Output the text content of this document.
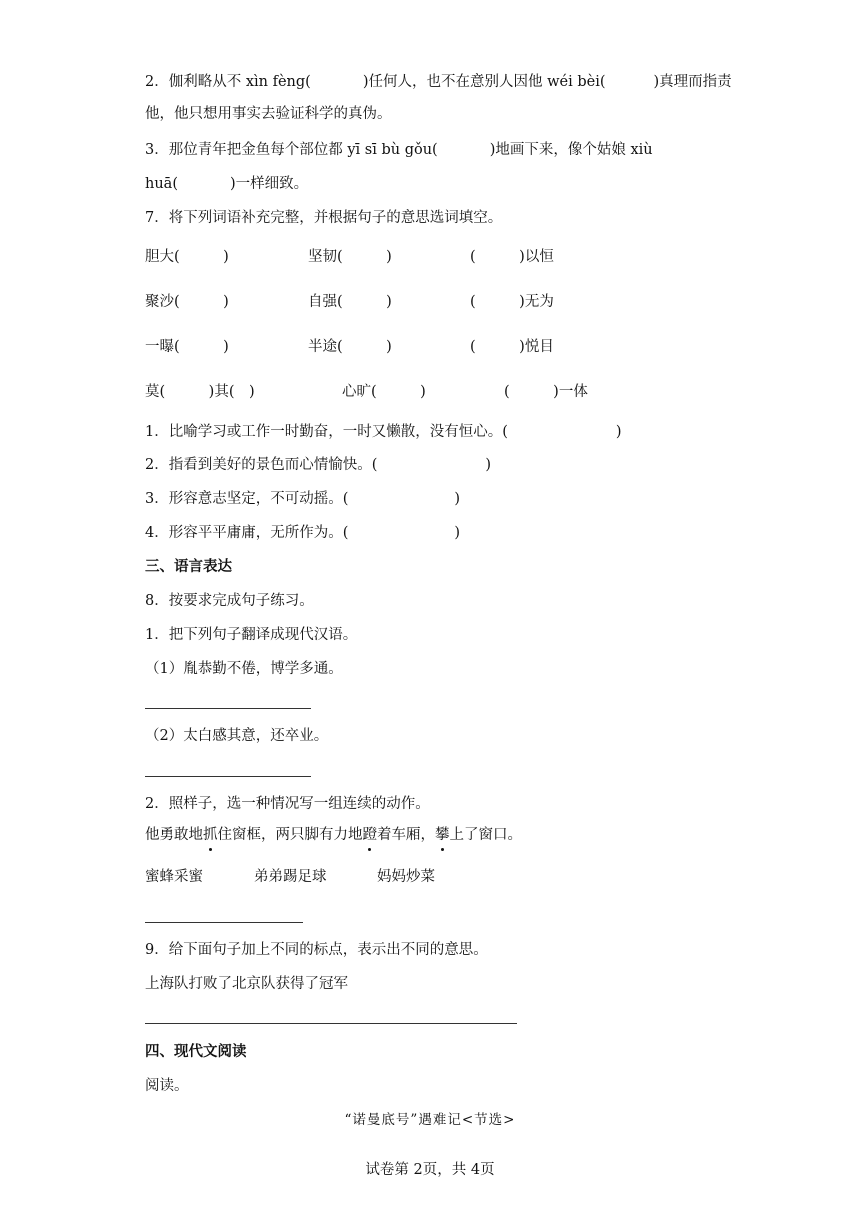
2．伽利略从不 xìn fèng(	)任何人，也不在意别人因他 wéi bèi(	)真理而指责
他，他只想用事实去验证科学的真伪。
3．那位青年把金鱼每个部位都 yī sī bù gǒu(	)地画下来，像个姑娘 xiù
huā(	)一样细致。
7．将下列词语补充完整，并根据句子的意思选词填空。
胆大(　　　)	坚韧(　　　)	(　　　)以恒
聚沙(　　　)	自强(　　　)	(　　　)无为
一曝(　　　)	半途(　　　)	(　　　)悦目
莫(　　　)其(　)	心旷(　　　)	(　　　)一体
1．比喻学习或工作一时勤奋，一时又懒散，没有恒心。(	)
2．指看到美好的景色而心情愉快。(	)
3．形容意志坚定，不可动摇。(	)
4．形容平平庸庸，无所作为。(	)
三、语言表达
8．按要求完成句子练习。
1．把下列句子翻译成现代汉语。
（1）胤恭勤不倦，博学多通。
（2）太白感其意，还卒业。
2．照样子，选一种情况写一组连续的动作。
他勇敢地抓住窗框，两只脚有力地蹬着车厢，攀上了窗口。
蜜蜂采蜜	弟弟踢足球	妈妈炒菜
9．给下面句子加上不同的标点，表示出不同的意思。
上海队打败了北京队获得了冠军
四、现代文阅读
阅读。
“诺曼底号”遇难记<节选>
试卷第 2页，共 4页
